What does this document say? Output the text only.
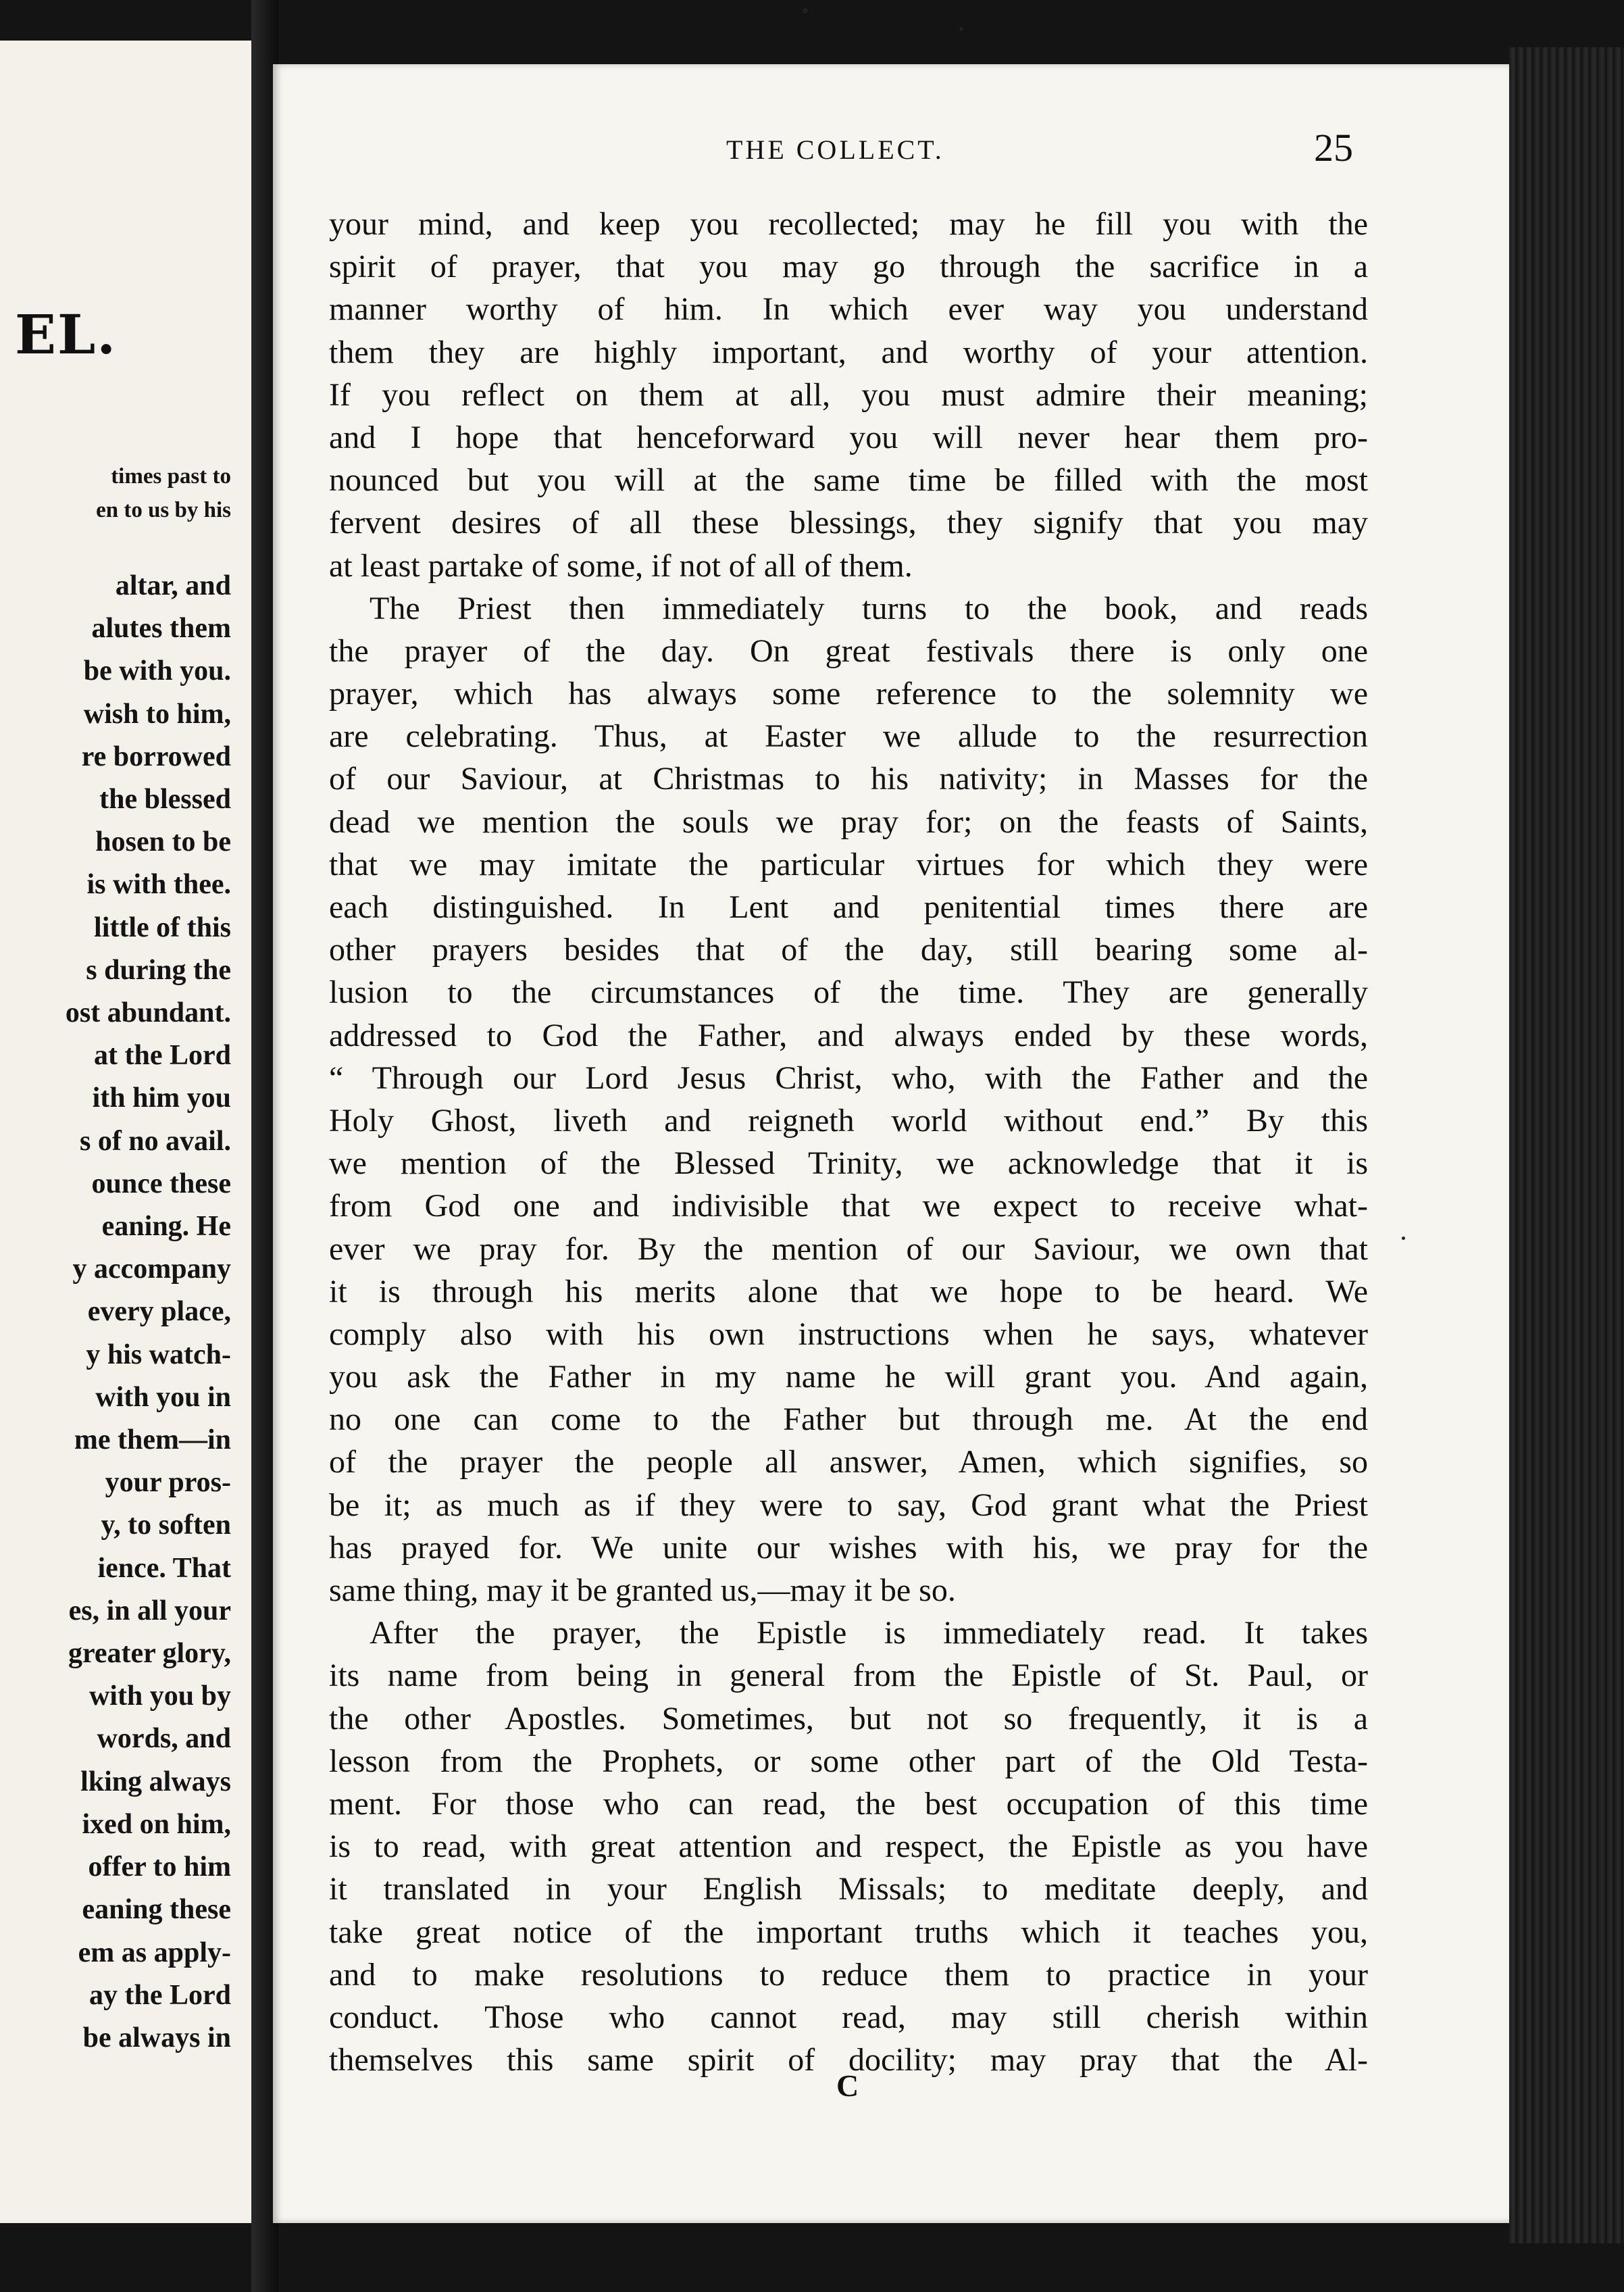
EL.
times past to
en to us by his
altar, and
alutes them
be with you.
wish to him,
re borrowed
the blessed
hosen to be
is with thee.
little of this
s during the
ost abundant.
at the Lord
ith him you
s of no avail.
ounce these
eaning. He
y accompany
every place,
y his watch-
with you in
me them—in
your pros-
y, to soften
ience. That
es, in all your
greater glory,
with you by
words, and
lking always
ixed on him,
offer to him
eaning these
em as apply-
ay the Lord
be always in
THE COLLECT.	25
your mind, and keep you recollected; may he fill you with the
spirit of prayer, that you may go through the sacrifice in a
manner worthy of him. In which ever way you understand
them they are highly important, and worthy of your attention.
If you reflect on them at all, you must admire their meaning;
and I hope that henceforward you will never hear them pro-
nounced but you will at the same time be filled with the most
fervent desires of all these blessings, they signify that you may
at least partake of some, if not of all of them.
The Priest then immediately turns to the book, and reads
the prayer of the day. On great festivals there is only one
prayer, which has always some reference to the solemnity we
are celebrating. Thus, at Easter we allude to the resurrection
of our Saviour, at Christmas to his nativity; in Masses for the
dead we mention the souls we pray for; on the feasts of Saints,
that we may imitate the particular virtues for which they were
each distinguished. In Lent and penitential times there are
other prayers besides that of the day, still bearing some al-
lusion to the circumstances of the time. They are generally
addressed to God the Father, and always ended by these words,
“ Through our Lord Jesus Christ, who, with the Father and the
Holy Ghost, liveth and reigneth world without end.” By this
we mention of the Blessed Trinity, we acknowledge that it is
from God one and indivisible that we expect to receive what-
ever we pray for. By the mention of our Saviour, we own that
it is through his merits alone that we hope to be heard. We
comply also with his own instructions when he says, whatever
you ask the Father in my name he will grant you. And again,
no one can come to the Father but through me. At the end
of the prayer the people all answer, Amen, which signifies, so
be it; as much as if they were to say, God grant what the Priest
has prayed for. We unite our wishes with his, we pray for the
same thing, may it be granted us,—may it be so.
After the prayer, the Epistle is immediately read. It takes
its name from being in general from the Epistle of St. Paul, or
the other Apostles. Sometimes, but not so frequently, it is a
lesson from the Prophets, or some other part of the Old Testa-
ment. For those who can read, the best occupation of this time
is to read, with great attention and respect, the Epistle as you have
it translated in your English Missals; to meditate deeply, and
take great notice of the important truths which it teaches you,
and to make resolutions to reduce them to practice in your
conduct. Those who cannot read, may still cherish within
themselves this same spirit of docility; may pray that the Al-
C
